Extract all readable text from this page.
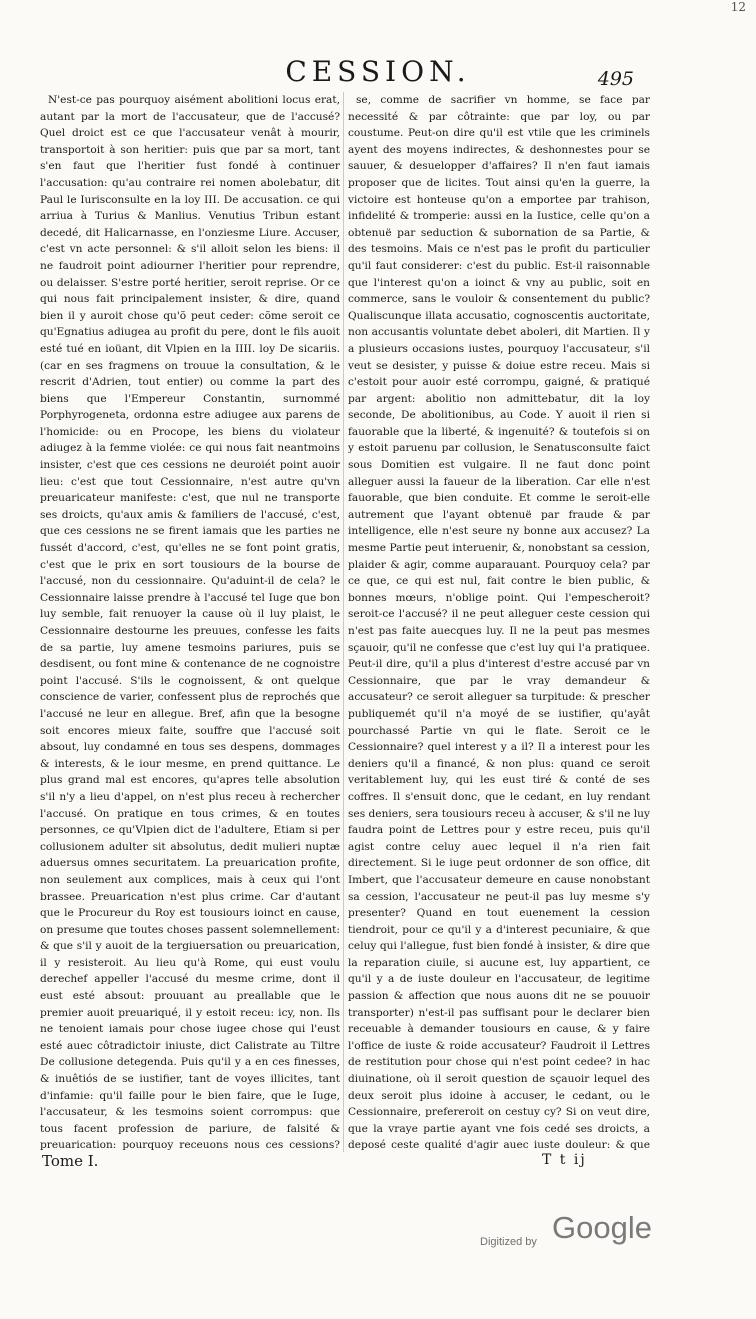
12
CESSION.	495

N'est-ce pas pourquoy aisément abolitioni locus erat, autant par la mort de l'accusateur, que de l'accusé? Quel droict est ce que l'accusateur venât à mourir, transportoit à son heritier: puis que par sa mort, tant s'en faut que l'heritier fust fondé à continuer l'accusation: qu'au contraire rei nomen abolebatur, dit Paul le Iurisconsulte en la loy III. De accusation. ce qui arriua à Turius & Manlius. Venutius Tribun estant decedé, dit Halicarnasse, en l'onziesme Liure. Accuser, c'est vn acte personnel: & s'il alloit selon les biens: il ne faudroit point adiourner l'heritier pour reprendre, ou delaisser. S'estre porté heritier, seroit reprise. Or ce qui nous fait principalement insister, & dire, quand bien il y auroit chose qu'õ peut ceder: cõme seroit ce qu'Egnatius adiugea au profit du pere, dont le fils auoit esté tué en ioüant, dit Vlpien en la IIII. loy De sicariis. (car en ses fragmens on trouue la consultation, & le rescrit d'Adrien, tout entier) ou comme la part des biens que l'Empereur Constantin, surnommé Porphyrogeneta, ordonna estre adiugee aux parens de l'homicide: ou en Procope, les biens du violateur adiugez à la femme violée: ce qui nous fait neantmoins insister, c'est que ces cessions ne deuroiét point auoir lieu: c'est que tout Cessionnaire, n'est autre qu'vn preuaricateur manifeste: c'est, que nul ne transporte ses droicts, qu'aux amis & familiers de l'accusé, c'est, que ces cessions ne se firent iamais que les parties ne fussét d'accord, c'est, qu'elles ne se font point gratis, c'est que le prix en sort tousiours de la bourse de l'accusé, non du cessionnaire. Qu'aduint-il de cela? le Cessionnaire laisse prendre à l'accusé tel Iuge que bon luy semble, fait renuoyer la cause où il luy plaist, le Cessionnaire destourne les preuues, confesse les faits de sa partie, luy amene tesmoins pariures, puis se desdisent, ou font mine & contenance de ne cognoistre point l'accusé. S'ils le cognoissent, & ont quelque conscience de varier, confessent plus de reprochés que l'accusé ne leur en allegue. Bref, afin que la besogne soit encores mieux faite, souffre que l'accusé soit absout, luy condamné en tous ses despens, dommages & interests, & le iour mesme, en prend quittance. Le plus grand mal est encores, qu'apres telle absolution s'il n'y a lieu d'appel, on n'est plus receu à rechercher l'accusé. On pratique en tous crimes, & en toutes personnes, ce qu'Vlpien dict de l'adultere, Etiam si per collusionem adulter sit absolutus, dedit mulieri nuptæ aduersus omnes securitatem. La preuarication profite, non seulement aux complices, mais à ceux qui l'ont brassee. Preuarication n'est plus crime. Car d'autant que le Procureur du Roy est tousiours ioinct en cause, on presume que toutes choses passent solemnellement: & que s'il y auoit de la tergiuersation ou preuarication, il y resisteroit. Au lieu qu'à Rome, qui eust voulu derechef appeller l'accusé du mesme crime, dont il eust esté absout: prouuant au preallable que le premier auoit preuariqué, il y estoit receu: icy, non. Ils ne tenoient iamais pour chose iugee chose qui l'eust esté auec côtradictoir iniuste, dict Calistrate au Tiltre De collusione detegenda. Puis qu'il y a en ces finesses, & inuêtiós de se iustifier, tant de voyes illicites, tant d'infamie: qu'il faille pour le bien faire, que le Iuge, l'accusateur, & les tesmoins soient corrompus: que tous facent profession de pariure, de falsité & preuarication: pourquoy receuons nous ces cessions?

se, comme de sacrifier vn homme, se face par necessité & par côtrainte: que par loy, ou par coustume. Peut-on dire qu'il est vtile que les criminels ayent des moyens indirectes, & deshonnestes pour se sauuer, & desuelopper d'affaires? Il n'en faut iamais proposer que de licites. Tout ainsi qu'en la guerre, la victoire est honteuse qu'on a emportee par trahison, infidelité & tromperie: aussi en la Iustice, celle qu'on a obtenuë par seduction & subornation de sa Partie, & des tesmoins. Mais ce n'est pas le profit du particulier qu'il faut considerer: c'est du public. Est-il raisonnable que l'interest qu'on a ioinct & vny au public, soit en commerce, sans le vouloir & consentement du public? Qualiscunque illata accusatio, cognoscentis auctoritate, non accusantis voluntate debet aboleri, dit Martien. Il y a plusieurs occasions iustes, pourquoy l'accusateur, s'il veut se desister, y puisse & doiue estre receu. Mais si c'estoit pour auoir esté corrompu, gaigné, & pratiqué par argent: abolitio non admittebatur, dit la loy seconde, De abolitionibus, au Code. Y auoit il rien si fauorable que la liberté, & ingenuité? & toutefois si on y estoit paruenu par collusion, le Senatusconsulte faict sous Domitien est vulgaire. Il ne faut donc point alleguer aussi la faueur de la liberation. Car elle n'est fauorable, que bien conduite. Et comme le seroit-elle autrement que l'ayant obtenuë par fraude & par intelligence, elle n'est seure ny bonne aux accusez? La mesme Partie peut interuenir, &, nonobstant sa cession, plaider & agir, comme auparauant. Pourquoy cela? par ce que, ce qui est nul, fait contre le bien public, & bonnes mœurs, n'oblige point. Qui l'empescheroit? seroit-ce l'accusé? il ne peut alleguer ceste cession qui n'est pas faite auecques luy. Il ne la peut pas mesmes sçauoir, qu'il ne confesse que c'est luy qui l'a pratiquee. Peut-il dire, qu'il a plus d'interest d'estre accusé par vn Cessionnaire, que par le vray demandeur & accusateur? ce seroit alleguer sa turpitude: & prescher publiquemét qu'il n'a moyé de se iustifier, qu'ayât pourchassé Partie vn qui le flate. Seroit ce le Cessionnaire? quel interest y a il? Il a interest pour les deniers qu'il a financé, & non plus: quand ce seroit veritablement luy, qui les eust tiré & conté de ses coffres. Il s'ensuit donc, que le cedant, en luy rendant ses deniers, sera tousiours receu à accuser, & s'il ne luy faudra point de Lettres pour y estre receu, puis qu'il agist contre celuy auec lequel il n'a rien fait directement. Si le iuge peut ordonner de son office, dit Imbert, que l'accusateur demeure en cause nonobstant sa cession, l'accusateur ne peut-il pas luy mesme s'y presenter? Quand en tout euenement la cession tiendroit, pour ce qu'il y a d'interest pecuniaire, & que celuy qui l'allegue, fust bien fondé à insister, & dire que la reparation ciuile, si aucune est, luy appartient, ce qu'il y a de iuste douleur en l'accusateur, de legitime passion & affection que nous auons dit ne se pouuoir transporter) n'est-il pas suffisant pour le declarer bien receuable à demander tousiours en cause, & y faire l'office de iuste & roide accusateur? Faudroit il Lettres de restitution pour chose qui n'est point cedee? in hac diuinatione, où il seroit question de sçauoir lequel des deux seroit plus idoine à accuser, le cedant, ou le Cessionnaire, prefereroit on cestuy cy? Si on veut dire, que la vraye partie ayant vne fois cedé ses droicts, a deposé ceste qualité d'agir auec iuste douleur: & que

Tome I.	T t ij
Digitized by Google
